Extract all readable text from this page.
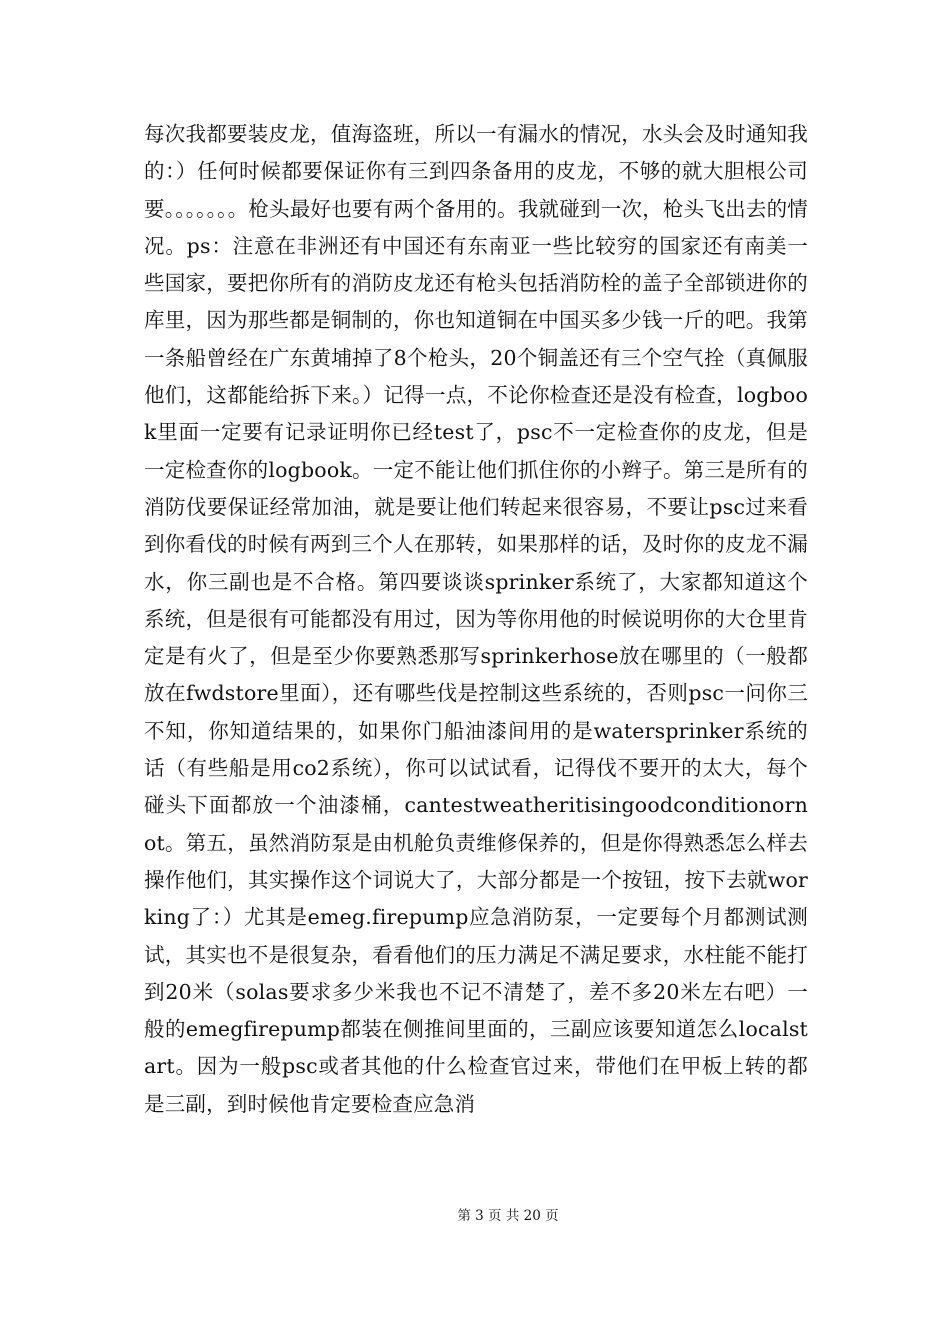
每次我都要装皮龙，值海盗班，所以一有漏水的情况，水头会及时通知我的：）任何时候都要保证你有三到四条备用的皮龙，不够的就大胆根公司要。。。。。。。枪头最好也要有两个备用的。我就碰到一次，枪头飞出去的情况。ps：注意在非洲还有中国还有东南亚一些比较穷的国家还有南美一些国家，要把你所有的消防皮龙还有枪头包括消防栓的盖子全部锁进你的库里，因为那些都是铜制的，你也知道铜在中国买多少钱一斤的吧。我第一条船曾经在广东黄埔掉了8个枪头，20个铜盖还有三个空气拴（真佩服他们，这都能给拆下来。）记得一点，不论你检查还是没有检查，logbook里面一定要有记录证明你已经test了，psc不一定检查你的皮龙，但是一定检查你的logbook。一定不能让他们抓住你的小辫子。第三是所有的消防伐要保证经常加油，就是要让他们转起来很容易，不要让psc过来看到你看伐的时候有两到三个人在那转，如果那样的话，及时你的皮龙不漏水，你三副也是不合格。第四要谈谈sprinker系统了，大家都知道这个系统，但是很有可能都没有用过，因为等你用他的时候说明你的大仓里肯定是有火了，但是至少你要熟悉那写sprinkerhose放在哪里的（一般都放在fwdstore里面），还有哪些伐是控制这些系统的，否则psc一问你三不知，你知道结果的，如果你门船油漆间用的是watersprinker系统的话（有些船是用co2系统），你可以试试看，记得伐不要开的太大，每个碰头下面都放一个油漆桶，cantestweatheritisingoodconditionornot。第五，虽然消防泵是由机舱负责维修保养的，但是你得熟悉怎么样去操作他们，其实操作这个词说大了，大部分都是一个按钮，按下去就working了：）尤其是emeg.firepump应急消防泵，一定要每个月都测试测试，其实也不是很复杂，看看他们的压力满足不满足要求，水柱能不能打到20米（solas要求多少米我也不记不清楚了，差不多20米左右吧）一般的emegfirepump都装在侧推间里面的，三副应该要知道怎么localstart。因为一般psc或者其他的什么检查官过来，带他们在甲板上转的都是三副，到时候他肯定要检查应急消

第 3 页 共 20 页
